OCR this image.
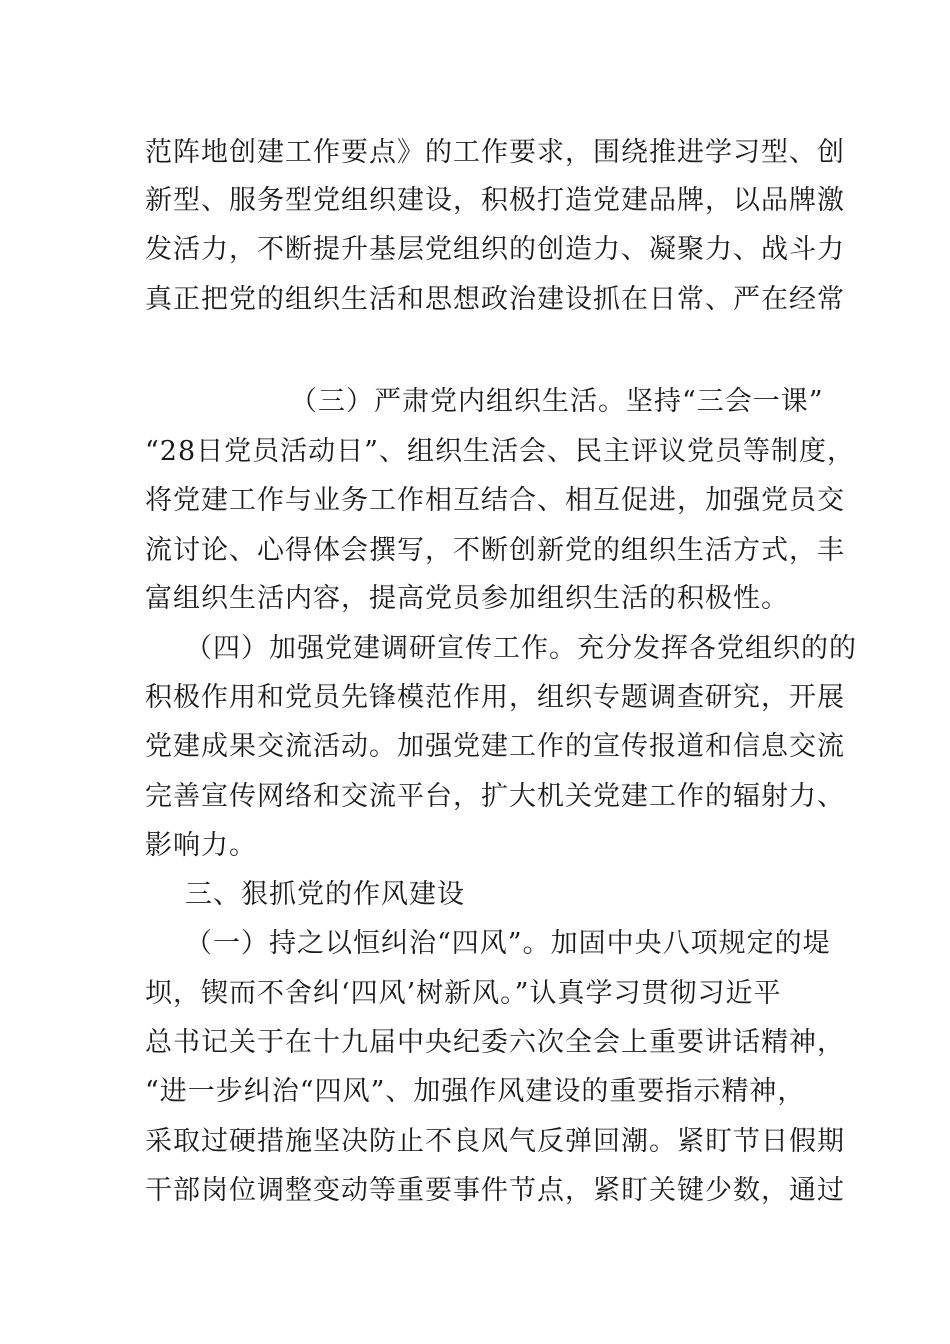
范阵地创建工作要点》的工作要求，围绕推进学习型、创
新型、服务型党组织建设，积极打造党建品牌，以品牌激
发活力，不断提升基层党组织的创造力、凝聚力、战斗力
真正把党的组织生活和思想政治建设抓在日常、严在经常
（三）严肃党内组织生活。坚持“三会一课”
“28日党员活动日”、组织生活会、民主评议党员等制度，
将党建工作与业务工作相互结合、相互促进，加强党员交
流讨论、心得体会撰写，不断创新党的组织生活方式，丰
富组织生活内容，提高党员参加组织生活的积极性。
（四）加强党建调研宣传工作。充分发挥各党组织的的
积极作用和党员先锋模范作用，组织专题调查研究，开展
党建成果交流活动。加强党建工作的宣传报道和信息交流
完善宣传网络和交流平台，扩大机关党建工作的辐射力、
影响力。
三、狠抓党的作风建设
（一）持之以恒纠治“四风”。加固中央八项规定的堤
坝，锲而不舍纠‘四风’树新风。”认真学习贯彻习近平
总书记关于在十九届中央纪委六次全会上重要讲话精神，
“进一步纠治“四风”、加强作风建设的重要指示精神，
采取过硬措施坚决防止不良风气反弹回潮。紧盯节日假期
干部岗位调整变动等重要事件节点，紧盯关键少数，通过
